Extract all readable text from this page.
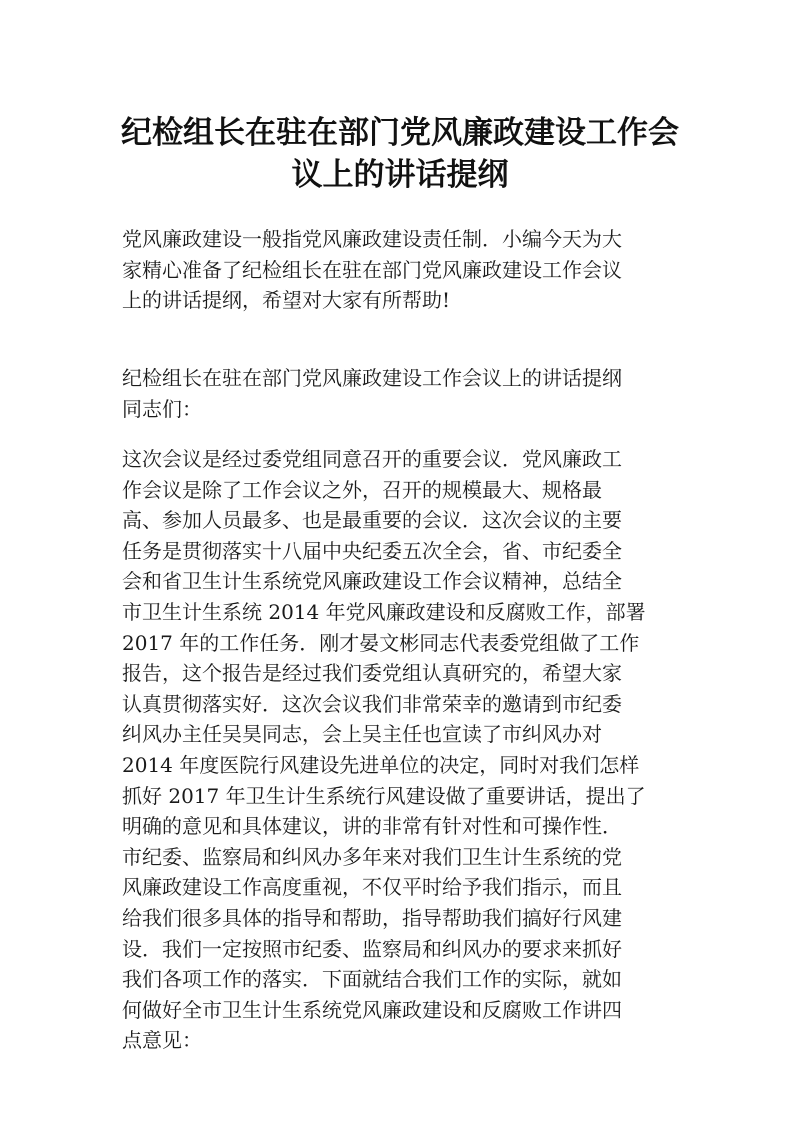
纪检组长在驻在部门党风廉政建设工作会
议上的讲话提纲

党风廉政建设一般指党风廉政建设责任制．小编今天为大
家精心准备了纪检组长在驻在部门党风廉政建设工作会议
上的讲话提纲，希望对大家有所帮助!

纪检组长在驻在部门党风廉政建设工作会议上的讲话提纲
同志们：

这次会议是经过委党组同意召开的重要会议．党风廉政工
作会议是除了工作会议之外，召开的规模最大、规格最
高、参加人员最多、也是最重要的会议．这次会议的主要
任务是贯彻落实十八届中央纪委五次全会，省、市纪委全
会和省卫生计生系统党风廉政建设工作会议精神，总结全
市卫生计生系统 2014 年党风廉政建设和反腐败工作，部署
2017 年的工作任务．刚才晏文彬同志代表委党组做了工作
报告，这个报告是经过我们委党组认真研究的，希望大家
认真贯彻落实好．这次会议我们非常荣幸的邀请到市纪委
纠风办主任吴昊同志，会上吴主任也宣读了市纠风办对
2014 年度医院行风建设先进单位的决定，同时对我们怎样
抓好 2017 年卫生计生系统行风建设做了重要讲话，提出了
明确的意见和具体建议，讲的非常有针对性和可操作性．
市纪委、监察局和纠风办多年来对我们卫生计生系统的党
风廉政建设工作高度重视，不仅平时给予我们指示，而且
给我们很多具体的指导和帮助，指导帮助我们搞好行风建
设．我们一定按照市纪委、监察局和纠风办的要求来抓好
我们各项工作的落实．下面就结合我们工作的实际，就如
何做好全市卫生计生系统党风廉政建设和反腐败工作讲四
点意见：
